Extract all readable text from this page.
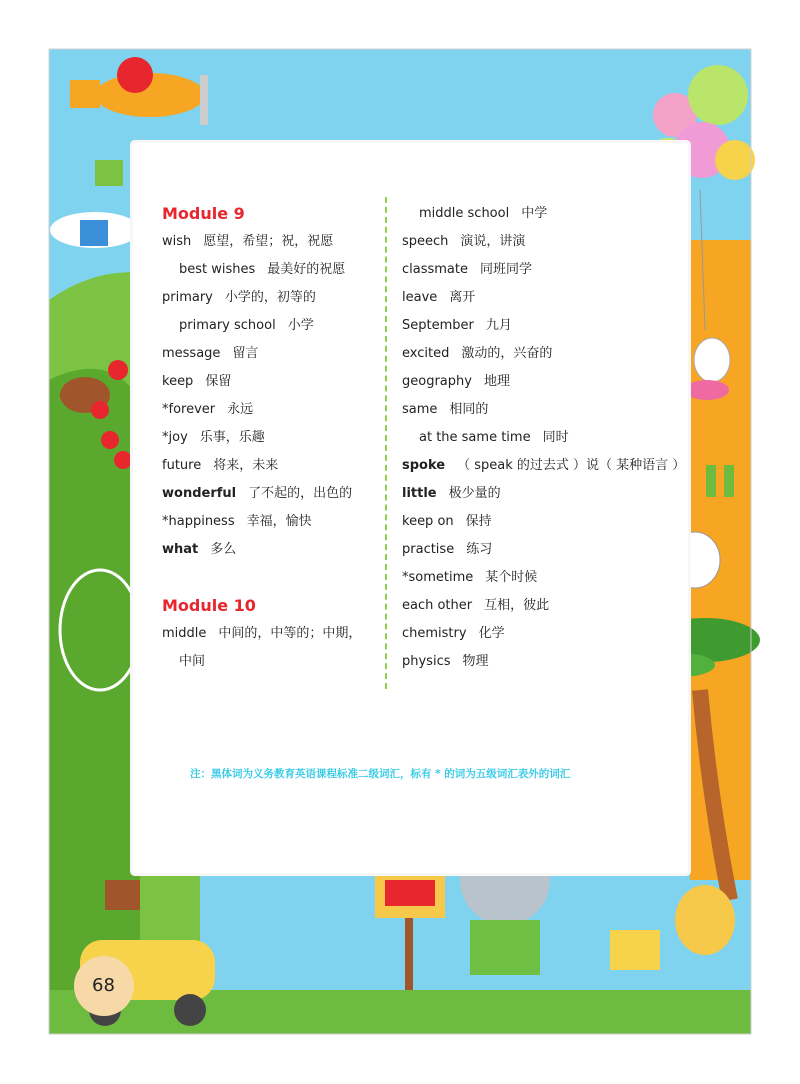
Module 9
wish 愿望，希望；祝，祝愿
best wishes 最美好的祝愿
primary 小学的，初等的
primary school 小学
message 留言
keep 保留
*forever 永远
*joy 乐事，乐趣
future 将来，未来
wonderful 了不起的，出色的
*happiness 幸福，愉快
what 多么
Module 10
middle 中间的，中等的；中期，
中间
middle school 中学
speech 演说，讲演
classmate 同班同学
leave 离开
September 九月
excited 激动的，兴奋的
geography 地理
same 相同的
at the same time 同时
spoke （ speak 的过去式 ）说（ 某种语言 ）
little 极少量的
keep on 保持
practise 练习
*sometime 某个时候
each other 互相，彼此
chemistry 化学
physics 物理
注：黑体词为义务教育英语课程标准二级词汇，标有 * 的词为五级词汇表外的词汇
68
